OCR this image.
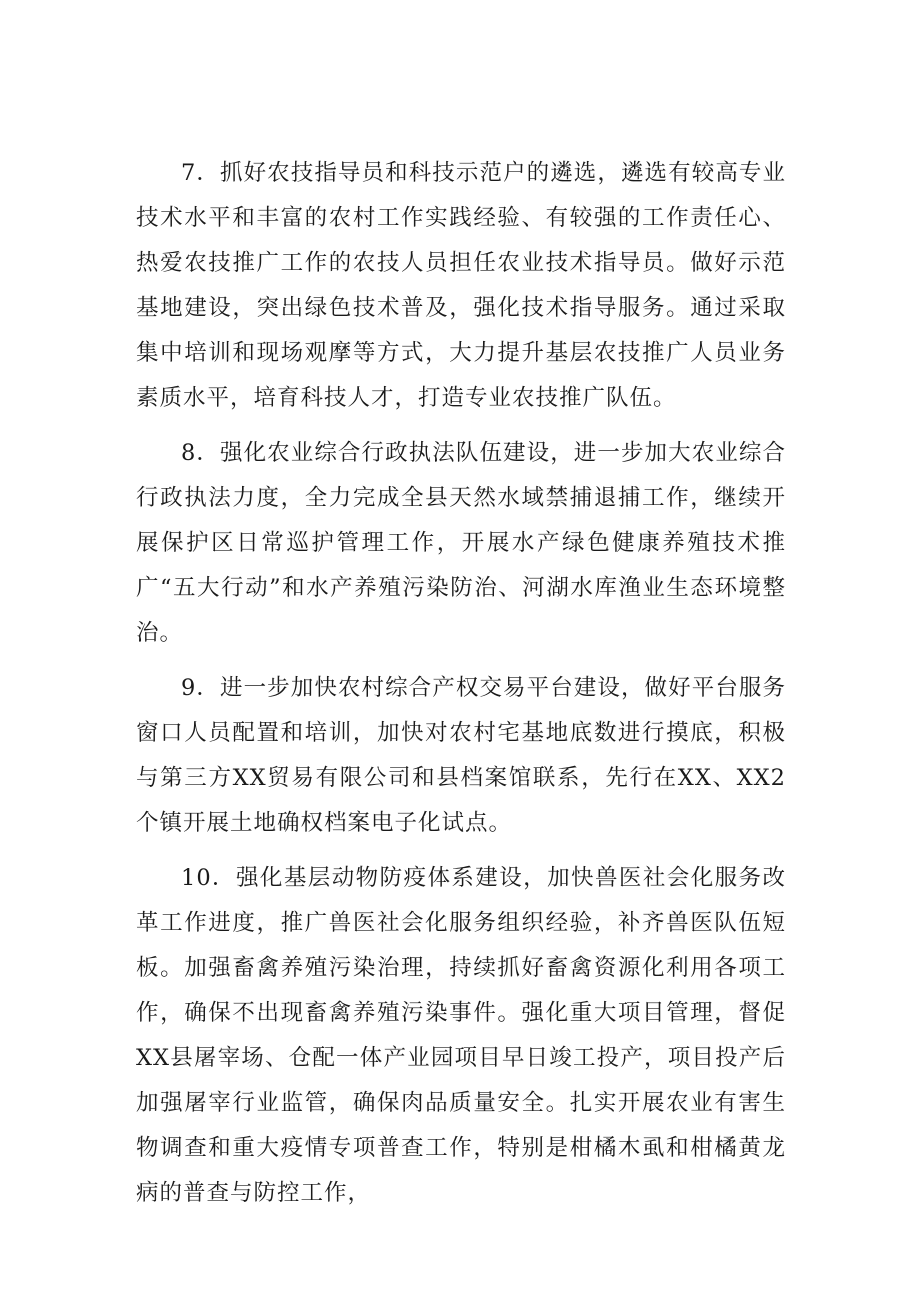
7．抓好农技指导员和科技示范户的遴选，遴选有较高专业技术水平和丰富的农村工作实践经验、有较强的工作责任心、热爱农技推广工作的农技人员担任农业技术指导员。做好示范基地建设，突出绿色技术普及，强化技术指导服务。通过采取集中培训和现场观摩等方式，大力提升基层农技推广人员业务素质水平，培育科技人才，打造专业农技推广队伍。

8．强化农业综合行政执法队伍建设，进一步加大农业综合行政执法力度，全力完成全县天然水域禁捕退捕工作，继续开展保护区日常巡护管理工作，开展水产绿色健康养殖技术推广“五大行动”和水产养殖污染防治、河湖水库渔业生态环境整治。

9．进一步加快农村综合产权交易平台建设，做好平台服务窗口人员配置和培训，加快对农村宅基地底数进行摸底，积极与第三方XX贸易有限公司和县档案馆联系，先行在XX、XX2个镇开展土地确权档案电子化试点。

10．强化基层动物防疫体系建设，加快兽医社会化服务改革工作进度，推广兽医社会化服务组织经验，补齐兽医队伍短板。加强畜禽养殖污染治理，持续抓好畜禽资源化利用各项工作，确保不出现畜禽养殖污染事件。强化重大项目管理，督促XX县屠宰场、仓配一体产业园项目早日竣工投产，项目投产后加强屠宰行业监管，确保肉品质量安全。扎实开展农业有害生物调查和重大疫情专项普查工作，特别是柑橘木虱和柑橘黄龙病的普查与防控工作，
